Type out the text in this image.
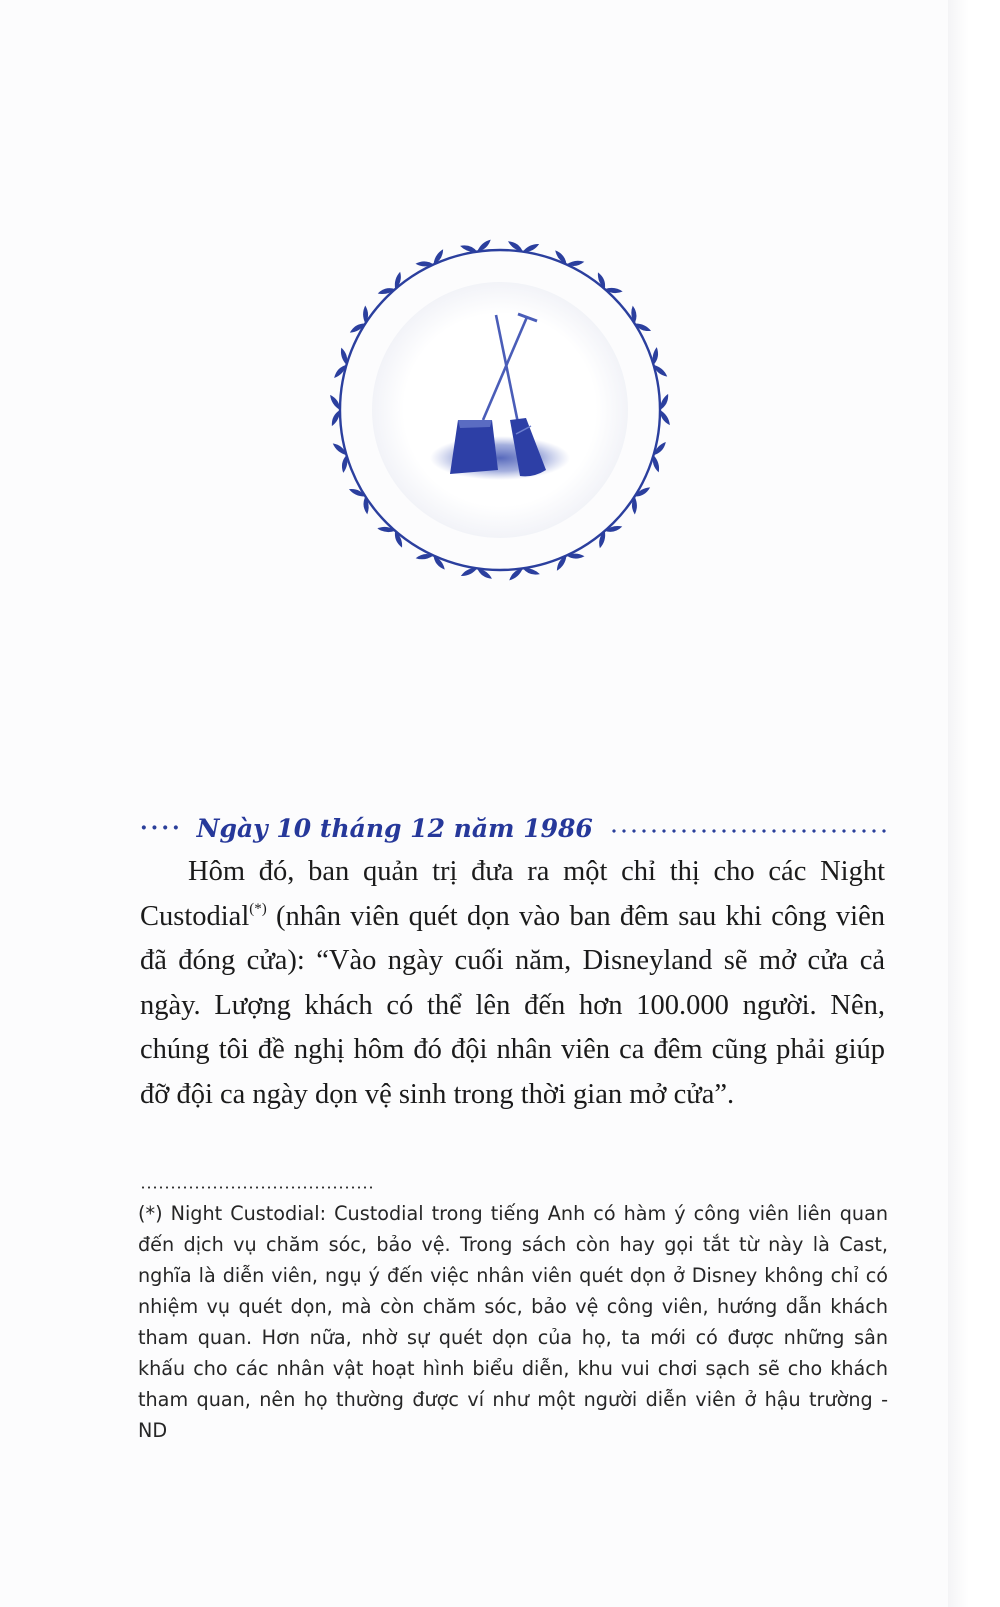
···· Ngày 10 tháng 12 năm 1986

Hôm đó, ban quản trị đưa ra một chỉ thị cho các Night Custodial(*) (nhân viên quét dọn vào ban đêm sau khi công viên đã đóng cửa): “Vào ngày cuối năm, Disneyland sẽ mở cửa cả ngày. Lượng khách có thể lên đến hơn 100.000 người. Nên, chúng tôi đề nghị hôm đó đội nhân viên ca đêm cũng phải giúp đỡ đội ca ngày dọn vệ sinh trong thời gian mở cửa”.

(*) Night Custodial: Custodial trong tiếng Anh có hàm ý công viên liên quan đến dịch vụ chăm sóc, bảo vệ. Trong sách còn hay gọi tắt từ này là Cast, nghĩa là diễn viên, ngụ ý đến việc nhân viên quét dọn ở Disney không chỉ có nhiệm vụ quét dọn, mà còn chăm sóc, bảo vệ công viên, hướng dẫn khách tham quan. Hơn nữa, nhờ sự quét dọn của họ, ta mới có được những sân khấu cho các nhân vật hoạt hình biểu diễn, khu vui chơi sạch sẽ cho khách tham quan, nên họ thường được ví như một người diễn viên ở hậu trường - ND
